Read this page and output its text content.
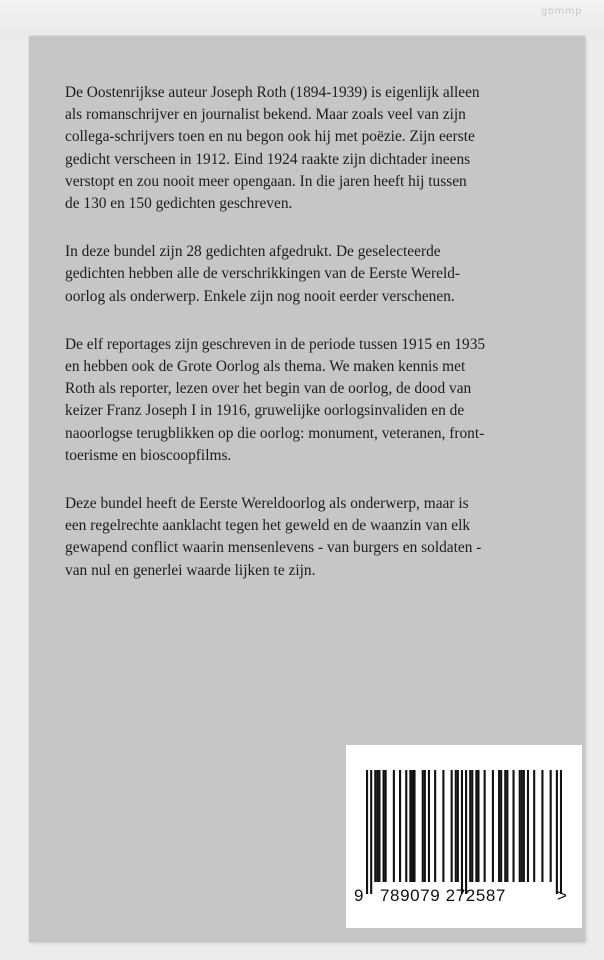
gbmmp

De Oostenrijkse auteur Joseph Roth (1894-1939) is eigenlijk alleen
als romanschrijver en journalist bekend. Maar zoals veel van zijn
collega-schrijvers toen en nu begon ook hij met poëzie. Zijn eerste
gedicht verscheen in 1912. Eind 1924 raakte zijn dichtader ineens
verstopt en zou nooit meer opengaan. In die jaren heeft hij tussen
de 130 en 150 gedichten geschreven.

In deze bundel zijn 28 gedichten afgedrukt. De geselecteerde
gedichten hebben alle de verschrikkingen van de Eerste Wereld-
oorlog als onderwerp. Enkele zijn nog nooit eerder verschenen.

De elf reportages zijn geschreven in de periode tussen 1915 en 1935
en hebben ook de Grote Oorlog als thema. We maken kennis met
Roth als reporter, lezen over het begin van de oorlog, de dood van
keizer Franz Joseph I in 1916, gruwelijke oorlogsinvaliden en de
naoorlogse terugblikken op die oorlog: monument, veteranen, front-
toerisme en bioscoopfilms.

Deze bundel heeft de Eerste Wereldoorlog als onderwerp, maar is
een regelrechte aanklacht tegen het geweld en de waanzin van elk
gewapend conflict waarin mensenlevens - van burgers en soldaten -
van nul en generlei waarde lijken te zijn.

9 789079 272587	>
